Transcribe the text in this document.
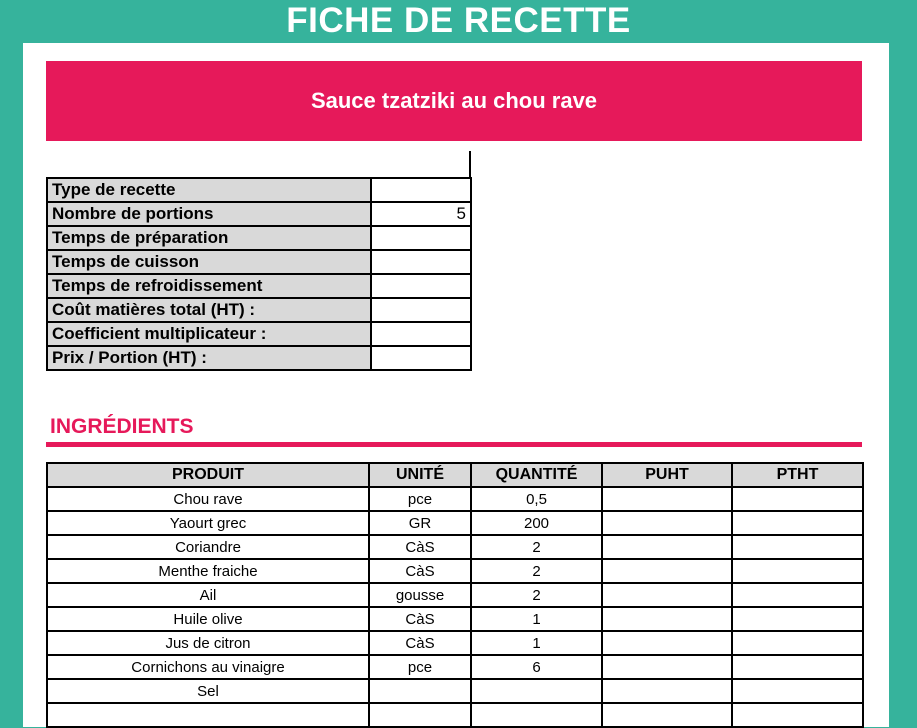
FICHE DE RECETTE
Sauce tzatziki au chou rave
Type de recette	
Nombre de portions	5
Temps de préparation	
Temps de cuisson	
Temps de refroidissement	
Coût matières total (HT) :	
Coefficient multiplicateur :	
Prix / Portion (HT) :	
INGRÉDIENTS
PRODUIT	UNITÉ	QUANTITÉ	PUHT	PTHT
Chou rave	pce	0,5		
Yaourt grec	GR	200		
Coriandre	CàS	2		
Menthe fraiche	CàS	2		
Ail	gousse	2		
Huile olive	CàS	1		
Jus de citron	CàS	1		
Cornichons au vinaigre	pce	6		
Sel				
